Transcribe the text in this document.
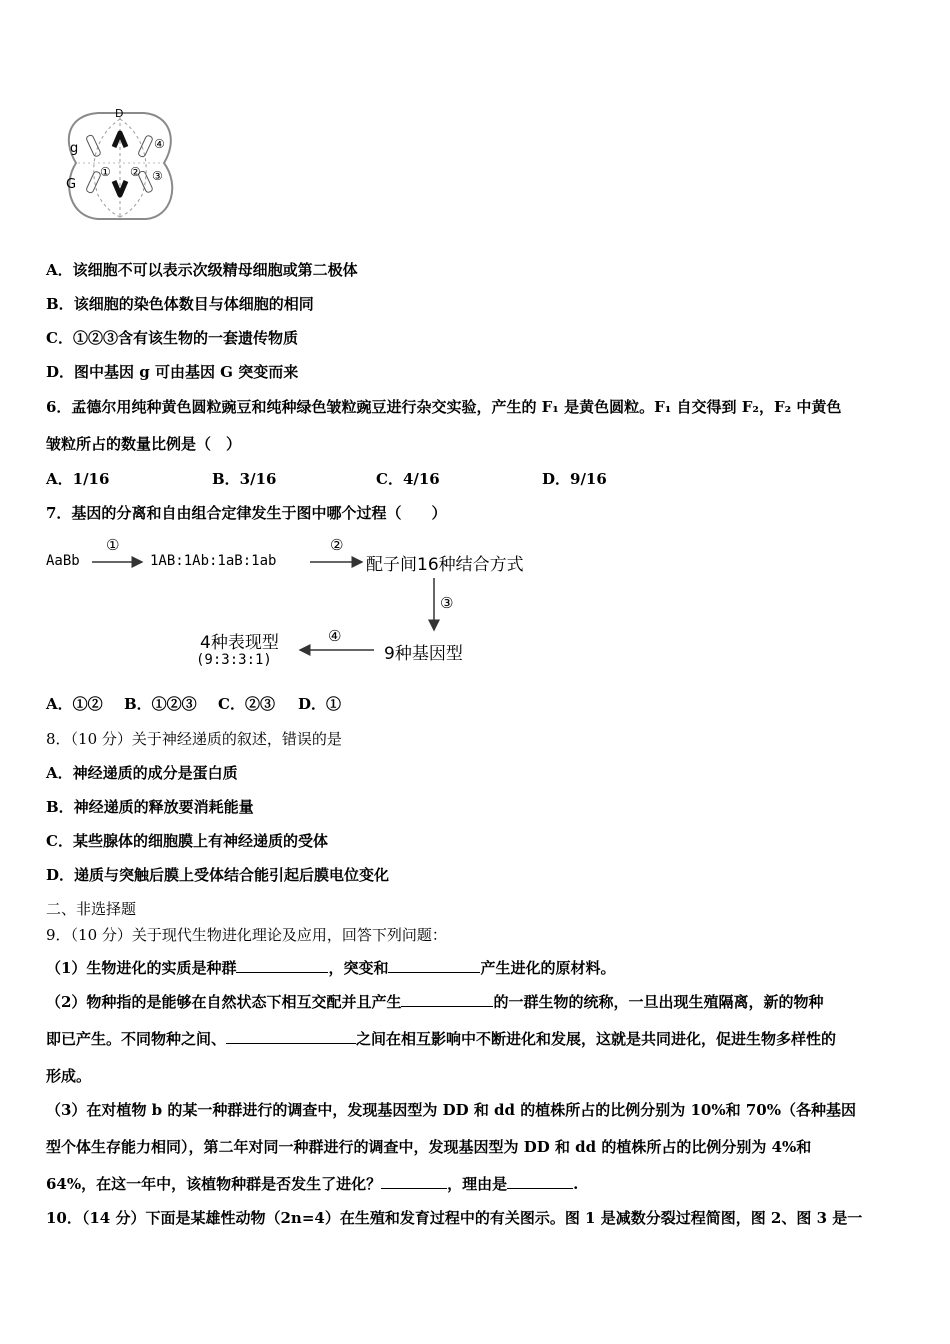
D
g
G
① ② ③
④
A．该细胞不可以表示次级精母细胞或第二极体
B．该细胞的染色体数目与体细胞的相同
C．①②③含有该生物的一套遗传物质
D．图中基因 g 可由基因 G 突变而来
6．孟德尔用纯种黄色圆粒豌豆和纯种绿色皱粒豌豆进行杂交实验，产生的 F₁ 是黄色圆粒。F₁ 自交得到 F₂，F₂ 中黄色
皱粒所占的数量比例是（　）
A．1/16	B．3/16	C．4/16	D．9/16
7．基因的分离和自由组合定律发生于图中哪个过程（　　）
AaBb
①
1AB:1Ab:1aB:1ab
②
配子间16种结合方式
③
9种基因型
④
4种表现型
(9:3:3:1)
A．①② B．①②③ C．②③ D．①
8．（10 分）关于神经递质的叙述，错误的是
A．神经递质的成分是蛋白质
B．神经递质的释放要消耗能量
C．某些腺体的细胞膜上有神经递质的受体
D．递质与突触后膜上受体结合能引起后膜电位变化
二、非选择题
9．（10 分）关于现代生物进化理论及应用，回答下列问题：
（1）生物进化的实质是种群	，突变和	产生进化的原材料。
（2）物种指的是能够在自然状态下相互交配并且产生	的一群生物的统称，一旦出现生殖隔离，新的物种
即已产生。不同物种之间、	之间在相互影响中不断进化和发展，这就是共同进化，促进生物多样性的
形成。
（3）在对植物 b 的某一种群进行的调查中，发现基因型为 DD 和 dd 的植株所占的比例分别为 10%和 70%（各种基因
型个体生存能力相同），第二年对同一种群进行的调查中，发现基因型为 DD 和 dd 的植株所占的比例分别为 4%和
64%，在这一年中，该植物种群是否发生了进化？	，理由是	.
10．（14 分）下面是某雄性动物（2n=4）在生殖和发育过程中的有关图示。图 1 是减数分裂过程简图，图 2、图 3 是一
